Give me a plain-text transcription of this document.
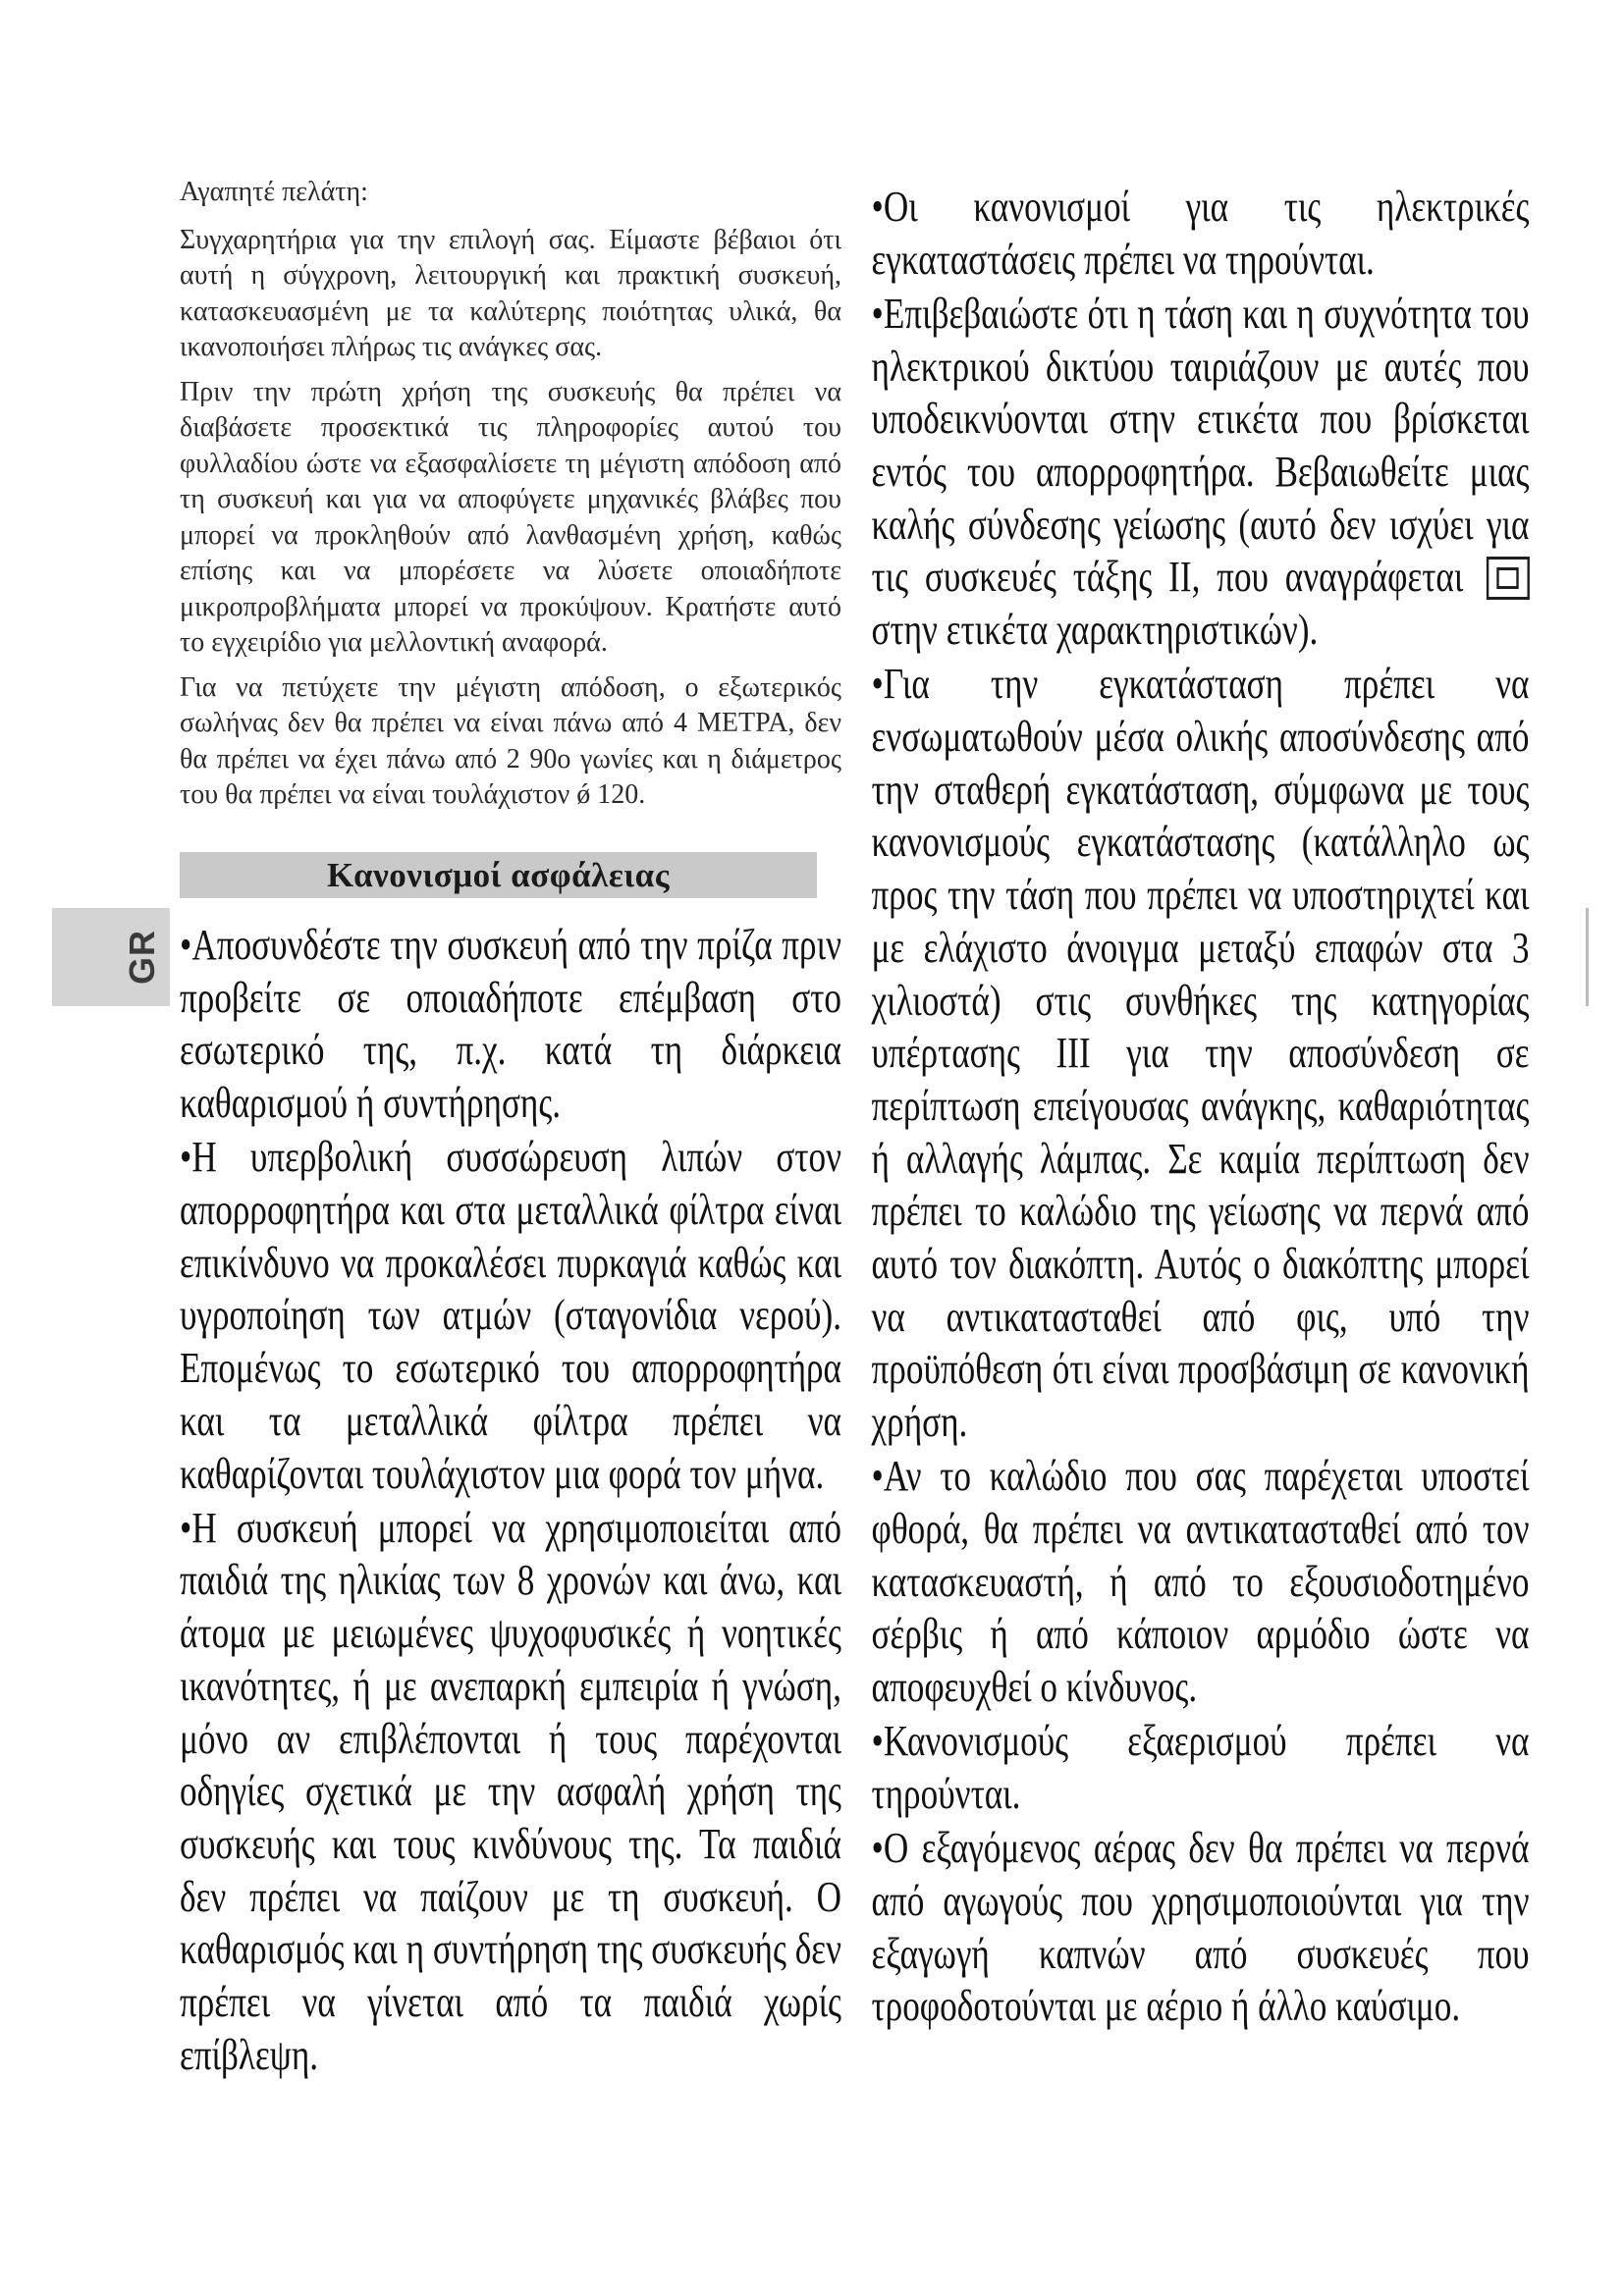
GR

Αγαπητέ πελάτη:

Συγχαρητήρια για την επιλογή σας. Είμαστε βέβαιοι ότι αυτή η σύγχρονη, λειτουργική και πρακτική συσκευή, κατασκευασμένη με τα καλύτερης ποιότητας υλικά, θα ικανοποιήσει πλήρως τις ανάγκες σας.

Πριν την πρώτη χρήση της συσκευής θα πρέπει να διαβάσετε προσεκτικά τις πληροφορίες αυτού του φυλλαδίου ώστε να εξασφαλίσετε τη μέγιστη απόδοση από τη συσκευή και για να αποφύγετε μηχανικές βλάβες που μπορεί να προκληθούν από λανθασμένη χρήση, καθώς επίσης και να μπορέσετε να λύσετε οποιαδήποτε μικροπροβλήματα μπορεί να προκύψουν. Κρατήστε αυτό το εγχειρίδιο για μελλοντική αναφορά.

Για να πετύχετε την μέγιστη απόδοση, ο εξωτερικός σωλήνας δεν θα πρέπει να είναι πάνω από 4 ΜΕΤΡΑ, δεν θα πρέπει να έχει πάνω από 2 90ο γωνίες και η διάμετρος του θα πρέπει να είναι τουλάχιστον ǿ 120.

Κανονισμοί ασφάλειας

•Αποσυνδέστε την συσκευή από την πρίζα πριν προβείτε σε οποιαδήποτε επέμβαση στο εσωτερικό της, π.χ. κατά τη διάρκεια καθαρισμού ή συντήρησης.

•Η υπερβολική συσσώρευση λιπών στον απορροφητήρα και στα μεταλλικά φίλτρα είναι επικίνδυνο να προκαλέσει πυρκαγιά καθώς και υγροποίηση των ατμών (σταγονίδια νερού). Επομένως το εσωτερικό του απορροφητήρα και τα μεταλλικά φίλτρα πρέπει να καθαρίζονται τουλάχιστον μια φορά τον μήνα.

•Η συσκευή μπορεί να χρησιμοποιείται από παιδιά της ηλικίας των 8 χρονών και άνω, και άτομα με μειωμένες ψυχοφυσικές ή νοητικές ικανότητες, ή με ανεπαρκή εμπειρία ή γνώση, μόνο αν επιβλέπονται ή τους παρέχονται οδηγίες σχετικά με την ασφαλή χρήση της συσκευής και τους κινδύνους της. Τα παιδιά δεν πρέπει να παίζουν με τη συσκευή. Ο καθαρισμός και η συντήρηση της συσκευής δεν πρέπει να γίνεται από τα παιδιά χωρίς επίβλεψη.

•Οι κανονισμοί για τις ηλεκτρικές εγκαταστάσεις πρέπει να τηρούνται.

•Επιβεβαιώστε ότι η τάση και η συχνότητα του ηλεκτρικού δικτύου ταιριάζουν με αυτές που υποδεικνύονται στην ετικέτα που βρίσκεται εντός του απορροφητήρα. Βεβαιωθείτε μιας καλής σύνδεσης γείωσης (αυτό δεν ισχύει για τις συσκευές τάξης II, που αναγράφεται
στην ετικέτα χαρακτηριστικών).

•Για την εγκατάσταση πρέπει να ενσωματωθούν μέσα ολικής αποσύνδεσης από την σταθερή εγκατάσταση, σύμφωνα με τους κανονισμούς εγκατάστασης (κατάλληλο ως προς την τάση που πρέπει να υποστηριχτεί και με ελάχιστο άνοιγμα μεταξύ επαφών στα 3 χιλιοστά) στις συνθήκες της κατηγορίας υπέρτασης III για την αποσύνδεση σε περίπτωση επείγουσας ανάγκης, καθαριότητας ή αλλαγής λάμπας. Σε καμία περίπτωση δεν πρέπει το καλώδιο της γείωσης να περνά από αυτό τον διακόπτη. Αυτός ο διακόπτης μπορεί να αντικατασταθεί από φις, υπό την προϋπόθεση ότι είναι προσβάσιμη σε κανονική χρήση.

•Αν το καλώδιο που σας παρέχεται υποστεί φθορά, θα πρέπει να αντικατασταθεί από τον κατασκευαστή, ή από το εξουσιοδοτημένο σέρβις ή από κάποιον αρμόδιο ώστε να αποφευχθεί ο κίνδυνος.

•Κανονισμούς εξαερισμού πρέπει να τηρούνται.

•Ο εξαγόμενος αέρας δεν θα πρέπει να περνά από αγωγούς που χρησιμοποιούνται για την εξαγωγή καπνών από συσκευές που τροφοδοτούνται με αέριο ή άλλο καύσιμο.
